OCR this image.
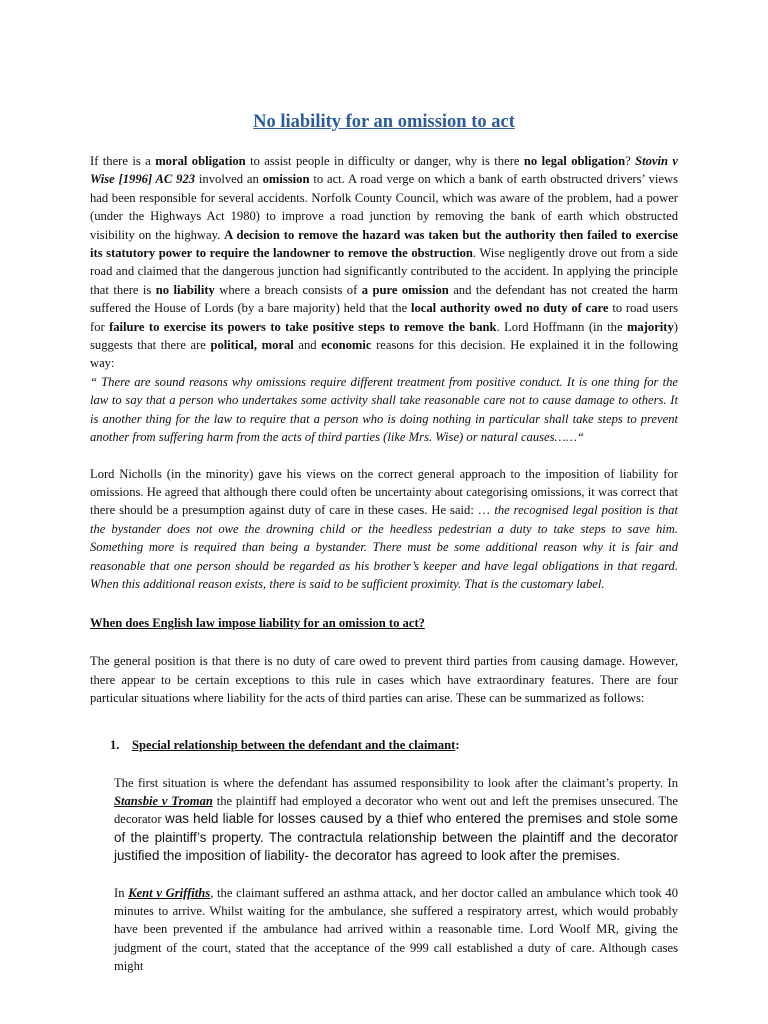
No liability for an omission to act

If there is a moral obligation to assist people in difficulty or danger, why is there no legal obligation? Stovin v Wise [1996] AC 923 involved an omission to act. A road verge on which a bank of earth obstructed drivers’ views had been responsible for several accidents. Norfolk County Council, which was aware of the problem, had a power (under the Highways Act 1980) to improve a road junction by removing the bank of earth which obstructed visibility on the highway. A decision to remove the hazard was taken but the authority then failed to exercise its statutory power to require the landowner to remove the obstruction. Wise negligently drove out from a side road and claimed that the dangerous junction had significantly contributed to the accident. In applying the principle that there is no liability where a breach consists of a pure omission and the defendant has not created the harm suffered the House of Lords (by a bare majority) held that the local authority owed no duty of care to road users for failure to exercise its powers to take positive steps to remove the bank. Lord Hoffmann (in the majority) suggests that there are political, moral and economic reasons for this decision. He explained it in the following way:

“ There are sound reasons why omissions require different treatment from positive conduct. It is one thing for the law to say that a person who undertakes some activity shall take reasonable care not to cause damage to others. It is another thing for the law to require that a person who is doing nothing in particular shall take steps to prevent another from suffering harm from the acts of third parties (like Mrs. Wise) or natural causes……“

Lord Nicholls (in the minority) gave his views on the correct general approach to the imposition of liability for omissions. He agreed that although there could often be uncertainty about categorising omissions, it was correct that there should be a presumption against duty of care in these cases. He said: … the recognised legal position is that the bystander does not owe the drowning child or the heedless pedestrian a duty to take steps to save him. Something more is required than being a bystander. There must be some additional reason why it is fair and reasonable that one person should be regarded as his brother’s keeper and have legal obligations in that regard. When this additional reason exists, there is said to be sufficient proximity. That is the customary label.

When does English law impose liability for an omission to act?

The general position is that there is no duty of care owed to prevent third parties from causing damage. However, there appear to be certain exceptions to this rule in cases which have extraordinary features. There are four particular situations where liability for the acts of third parties can arise. These can be summarized as follows:

1. Special relationship between the defendant and the claimant:

The first situation is where the defendant has assumed responsibility to look after the claimant’s property. In Stansbie v Troman the plaintiff had employed a decorator who went out and left the premises unsecured. The decorator was held liable for losses caused by a thief who entered the premises and stole some of the plaintiff’s property. The contractula relationship between the plaintiff and the decorator justified the imposition of liability- the decorator has agreed to look after the premises.

In Kent v Griffiths, the claimant suffered an asthma attack, and her doctor called an ambulance which took 40 minutes to arrive. Whilst waiting for the ambulance, she suffered a respiratory arrest, which would probably have been prevented if the ambulance had arrived within a reasonable time. Lord Woolf MR, giving the judgment of the court, stated that the acceptance of the 999 call established a duty of care. Although cases might
